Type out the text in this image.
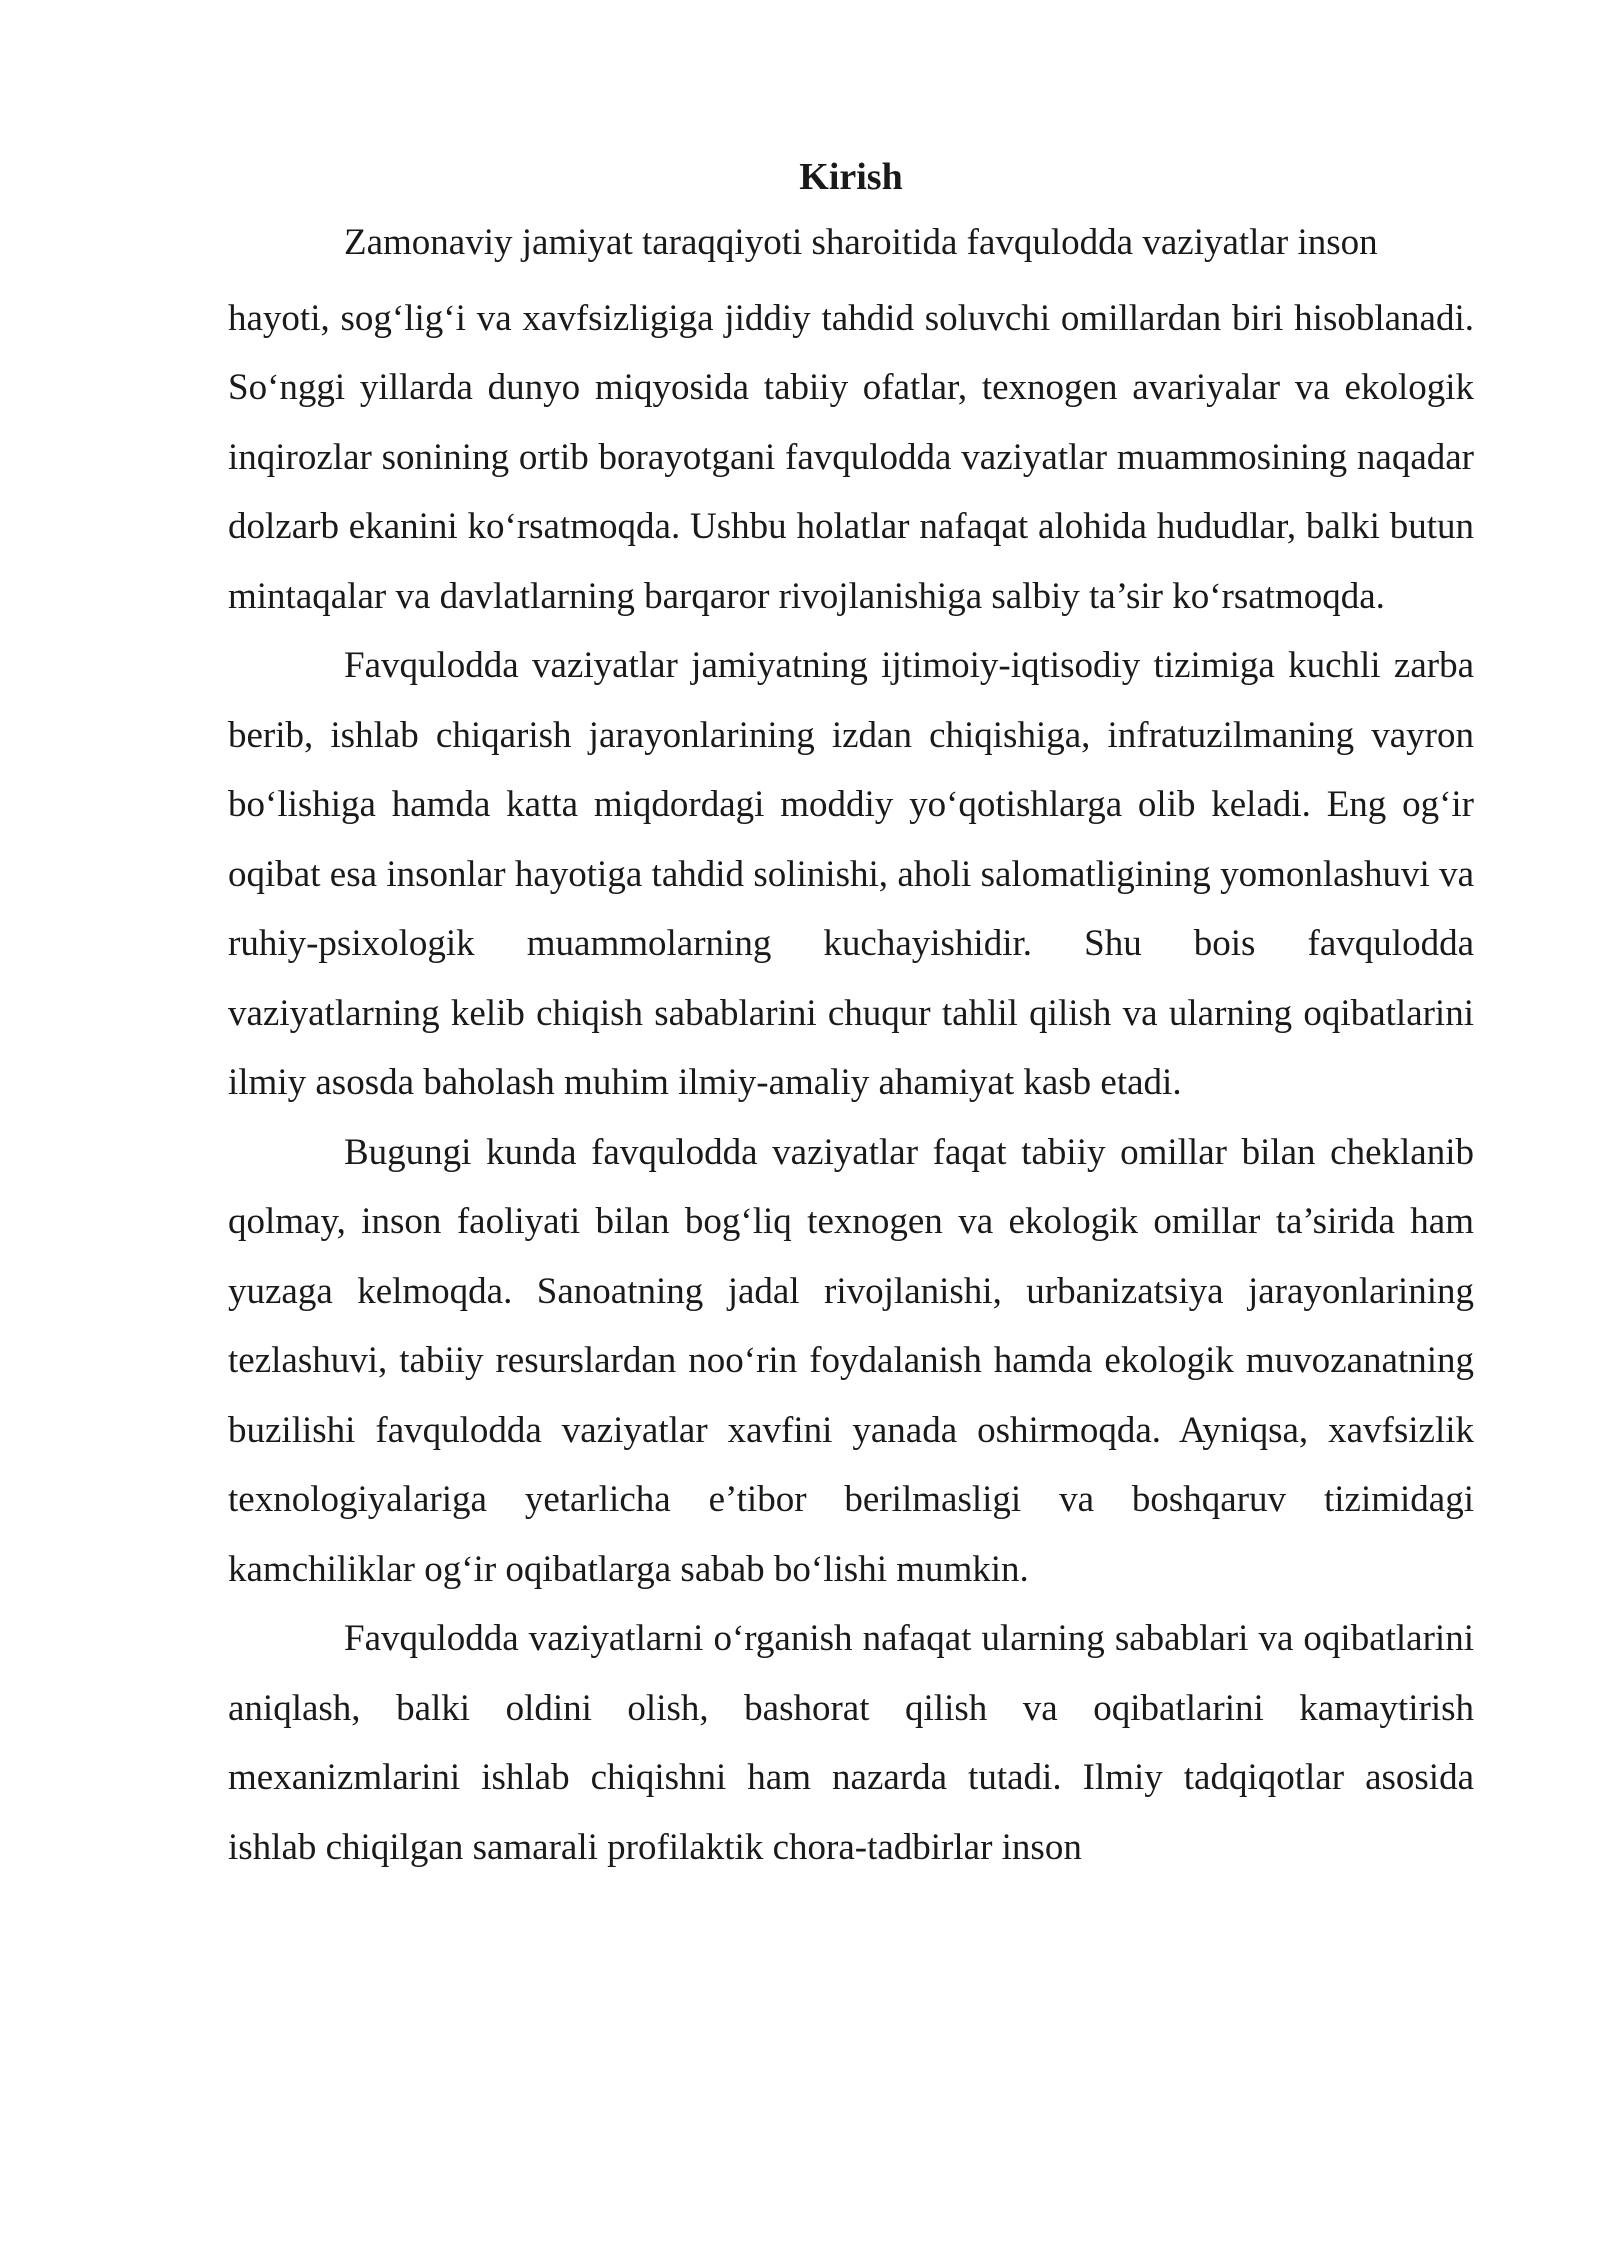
Kirish

Zamonaviy jamiyat taraqqiyoti sharoitida favqulodda vaziyatlar inson

hayoti, sog‘lig‘i va xavfsizligiga jiddiy tahdid soluvchi omillardan biri hisoblanadi. So‘nggi yillarda dunyo miqyosida tabiiy ofatlar, texnogen avariyalar va ekologik inqirozlar sonining ortib borayotgani favqulodda vaziyatlar muammosining naqadar dolzarb ekanini ko‘rsatmoqda. Ushbu holatlar nafaqat alohida hududlar, balki butun mintaqalar va davlatlarning barqaror rivojlanishiga salbiy ta’sir ko‘rsatmoqda.

Favqulodda vaziyatlar jamiyatning ijtimoiy-iqtisodiy tizimiga kuchli zarba berib, ishlab chiqarish jarayonlarining izdan chiqishiga, infratuzilmaning vayron bo‘lishiga hamda katta miqdordagi moddiy yo‘qotishlarga olib keladi. Eng og‘ir oqibat esa insonlar hayotiga tahdid solinishi, aholi salomatligining yomonlashuvi va ruhiy-psixologik muammolarning kuchayishidir. Shu bois favqulodda vaziyatlarning kelib chiqish sabablarini chuqur tahlil qilish va ularning oqibatlarini ilmiy asosda baholash muhim ilmiy-amaliy ahamiyat kasb etadi.

Bugungi kunda favqulodda vaziyatlar faqat tabiiy omillar bilan cheklanib qolmay, inson faoliyati bilan bog‘liq texnogen va ekologik omillar ta’sirida ham yuzaga kelmoqda. Sanoatning jadal rivojlanishi, urbanizatsiya jarayonlarining tezlashuvi, tabiiy resurslardan noo‘rin foydalanish hamda ekologik muvozanatning buzilishi favqulodda vaziyatlar xavfini yanada oshirmoqda. Ayniqsa, xavfsizlik texnologiyalariga yetarlicha e’tibor berilmasligi va boshqaruv tizimidagi kamchiliklar og‘ir oqibatlarga sabab bo‘lishi mumkin.

Favqulodda vaziyatlarni o‘rganish nafaqat ularning sabablari va oqibatlarini aniqlash, balki oldini olish, bashorat qilish va oqibatlarini kamaytirish mexanizmlarini ishlab chiqishni ham nazarda tutadi. Ilmiy tadqiqotlar asosida ishlab chiqilgan samarali profilaktik chora-tadbirlar inson
